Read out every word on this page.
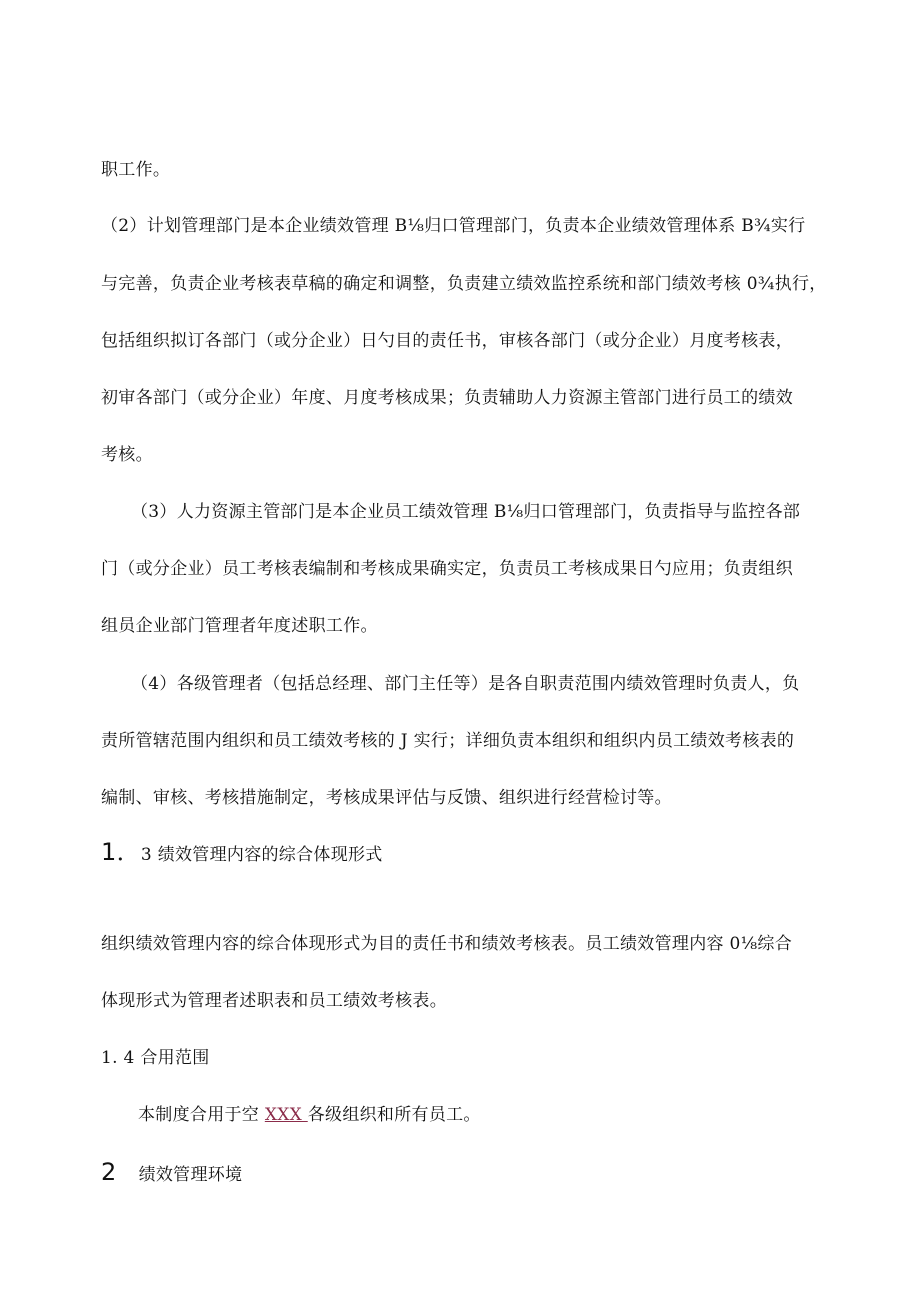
职工作。
（2）计划管理部门是本企业绩效管理 B⅛归口管理部门，负责本企业绩效管理体系 B¾实行
与完善，负责企业考核表草稿的确定和调整，负责建立绩效监控系统和部门绩效考核 0¾执行，
包括组织拟订各部门（或分企业）日勺目的责任书，审核各部门（或分企业）月度考核表，
初审各部门（或分企业）年度、月度考核成果；负责辅助人力资源主管部门进行员工的绩效
考核。
（3）人力资源主管部门是本企业员工绩效管理 B⅛归口管理部门，负责指导与监控各部
门（或分企业）员工考核表编制和考核成果确实定，负责员工考核成果日勺应用；负责组织
组员企业部门管理者年度述职工作。
（4）各级管理者（包括总经理、部门主任等）是各自职责范围内绩效管理时负责人，负
责所管辖范围内组织和员工绩效考核的 J 实行；详细负责本组织和组织内员工绩效考核表的
编制、审核、考核措施制定，考核成果评估与反馈、组织进行经营检讨等。
1．3 绩效管理内容的综合体现形式
组织绩效管理内容的综合体现形式为目的责任书和绩效考核表。员工绩效管理内容 0⅛综合
体现形式为管理者述职表和员工绩效考核表。
1. 4 合用范围
本制度合用于空 XXX 各级组织和所有员工。
2 绩效管理环境
